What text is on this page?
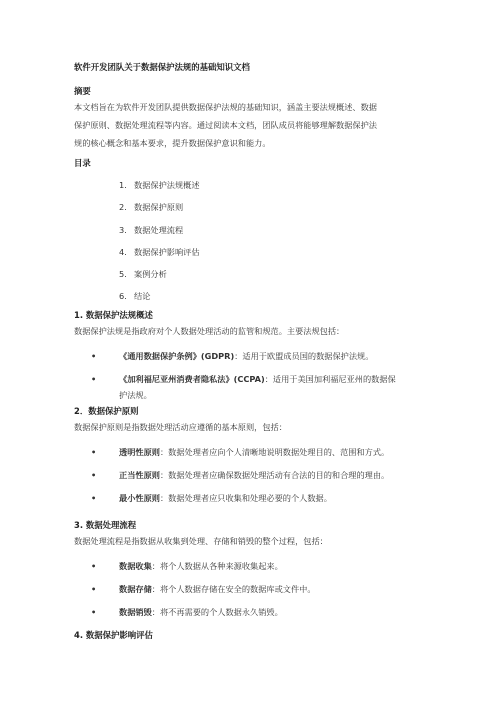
软件开发团队关于数据保护法规的基础知识文档
摘要
本文档旨在为软件开发团队提供数据保护法规的基础知识，涵盖主要法规概述、数据
保护原则、数据处理流程等内容。通过阅读本文档，团队成员将能够理解数据保护法
规的核心概念和基本要求，提升数据保护意识和能力。
目录
1. 数据保护法规概述
2. 数据保护原则
3. 数据处理流程
4. 数据保护影响评估
5. 案例分析
6. 结论
1. 数据保护法规概述
数据保护法规是指政府对个人数据处理活动的监管和规范。主要法规包括：
•	《通用数据保护条例》(GDPR)：适用于欧盟成员国的数据保护法规。
•	《加利福尼亚州消费者隐私法》(CCPA)：适用于美国加利福尼亚州的数据保
护法规。
2．数据保护原则
数据保护原则是指数据处理活动应遵循的基本原则，包括：
•	透明性原则：数据处理者应向个人清晰地说明数据处理目的、范围和方式。
•	正当性原则：数据处理者应确保数据处理活动有合法的目的和合理的理由。
•	最小性原则：数据处理者应只收集和处理必要的个人数据。
3. 数据处理流程
数据处理流程是指数据从收集到处理、存储和销毁的整个过程，包括：
•	数据收集：将个人数据从各种来源收集起来。
•	数据存储：将个人数据存储在安全的数据库或文件中。
•	数据销毁：将不再需要的个人数据永久销毁。
4. 数据保护影响评估
